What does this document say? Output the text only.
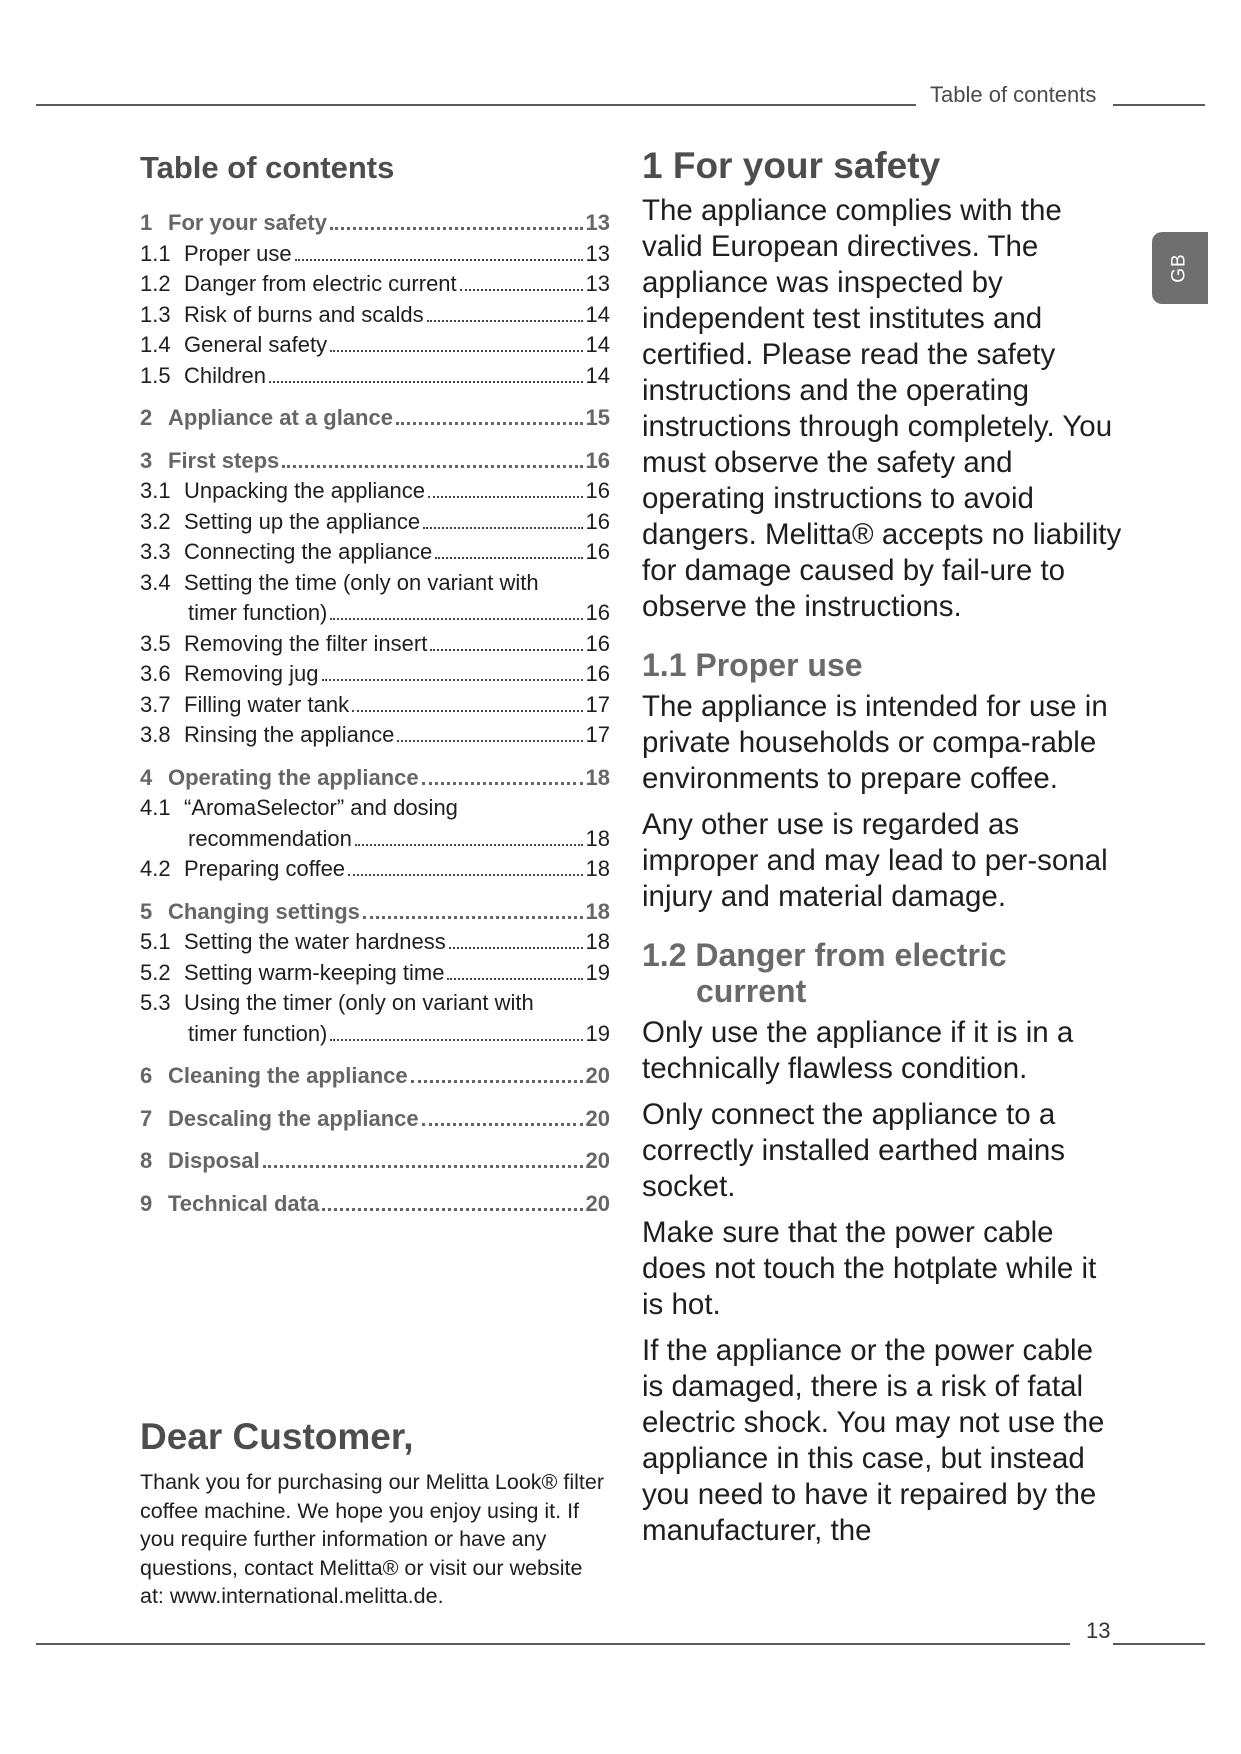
Table of contents
GB
Table of contents
1 For your safety	13
1.1 Proper use	13
1.2 Danger from electric current	13
1.3 Risk of burns and scalds	14
1.4 General safety	14
1.5 Children	14
2 Appliance at a glance	15
3 First steps	16
3.1 Unpacking the appliance	16
3.2 Setting up the appliance	16
3.3 Connecting the appliance	16
3.4 Setting the time (only on variant with
timer function)	16
3.5 Removing the filter insert	16
3.6 Removing jug	16
3.7 Filling water tank	17
3.8 Rinsing the appliance	17
4 Operating the appliance	18
4.1 “AromaSelector” and dosing
recommendation	18
4.2 Preparing coffee	18
5 Changing settings	18
5.1 Setting the water hardness	18
5.2 Setting warm-keeping time	19
5.3 Using the timer (only on variant with
timer function)	19
6 Cleaning the appliance	20
7 Descaling the appliance	20
8 Disposal	20
9 Technical data	20
Dear Customer,

Thank you for purchasing our Melitta Look® filter coffee machine. We hope you enjoy using it. If you require further information or have any questions, contact Melitta® or visit our website at: www.international.melitta.de.

1 For your safety

The appliance complies with the valid European directives. The appliance was inspected by independent test institutes and certified. Please read the safety instructions and the operating instructions through completely. You must observe the safety and operating instructions to avoid dangers. Melitta® accepts no liability for damage caused by fail-ure to observe the instructions.

1.1 Proper use

The appliance is intended for use in private households or compa-rable environments to prepare coffee.

Any other use is regarded as improper and may lead to per-sonal injury and material damage.

1.2 Danger from electric
current

Only use the appliance if it is in a technically flawless condition.

Only connect the appliance to a correctly installed earthed mains socket.

Make sure that the power cable does not touch the hotplate while it is hot.

If the appliance or the power cable is damaged, there is a risk of fatal electric shock. You may not use the appliance in this case, but instead you need to have it repaired by the manufacturer, the

13
